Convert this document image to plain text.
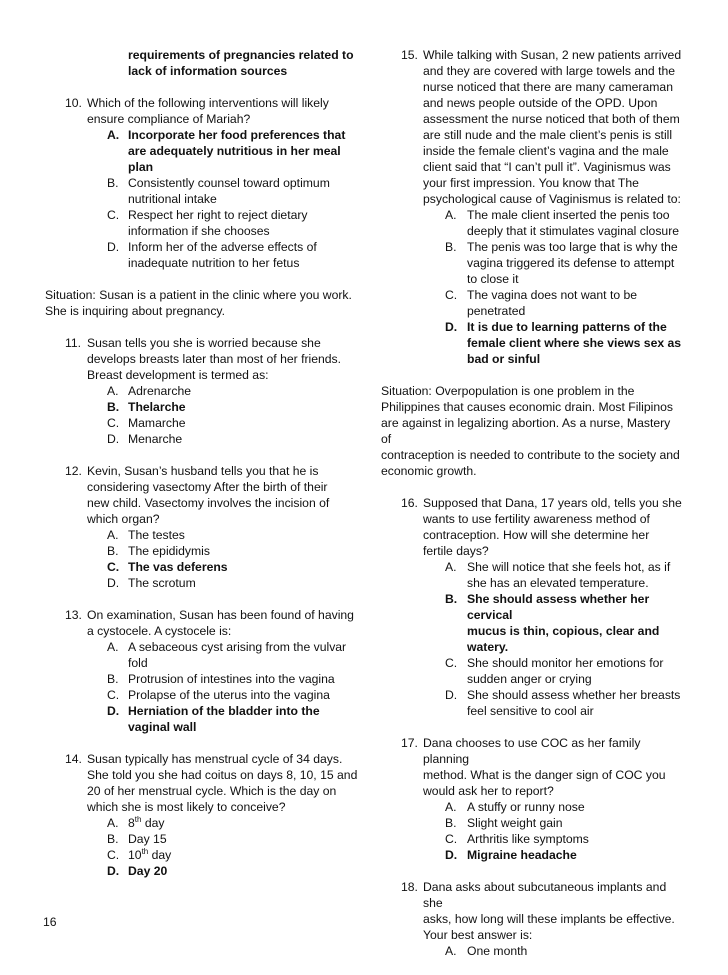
requirements of pregnancies related to
lack of information sources
10. Which of the following interventions will likely
ensure compliance of Mariah?
A. Incorporate her food preferences that
are adequately nutritious in her meal
plan
B. Consistently counsel toward optimum
nutritional intake
C. Respect her right to reject dietary
information if she chooses
D. Inform her of the adverse effects of
inadequate nutrition to her fetus
Situation: Susan is a patient in the clinic where you work.
She is inquiring about pregnancy.
11. Susan tells you she is worried because she
develops breasts later than most of her friends.
Breast development is termed as:
A. Adrenarche
B. Thelarche
C. Mamarche
D. Menarche
12. Kevin, Susan’s husband tells you that he is
considering vasectomy After the birth of their
new child. Vasectomy involves the incision of
which organ?
A. The testes
B. The epididymis
C. The vas deferens
D. The scrotum
13. On examination, Susan has been found of having
a cystocele. A cystocele is:
A. A sebaceous cyst arising from the vulvar
fold
B. Protrusion of intestines into the vagina
C. Prolapse of the uterus into the vagina
D. Herniation of the bladder into the
vaginal wall
14. Susan typically has menstrual cycle of 34 days.
She told you she had coitus on days 8, 10, 15 and
20 of her menstrual cycle. Which is the day on
which she is most likely to conceive?
A. 8th day
B. Day 15
C. 10th day
D. Day 20
15. While talking with Susan, 2 new patients arrived
and they are covered with large towels and the
nurse noticed that there are many cameraman
and news people outside of the OPD. Upon
assessment the nurse noticed that both of them
are still nude and the male client’s penis is still
inside the female client’s vagina and the male
client said that “I can’t pull it”. Vaginismus was
your first impression. You know that The
psychological cause of Vaginismus is related to:
A. The male client inserted the penis too
deeply that it stimulates vaginal closure
B. The penis was too large that is why the
vagina triggered its defense to attempt
to close it
C. The vagina does not want to be
penetrated
D. It is due to learning patterns of the
female client where she views sex as
bad or sinful
Situation: Overpopulation is one problem in the
Philippines that causes economic drain. Most Filipinos
are against in legalizing abortion. As a nurse, Mastery of
contraception is needed to contribute to the society and
economic growth.
16. Supposed that Dana, 17 years old, tells you she
wants to use fertility awareness method of
contraception. How will she determine her
fertile days?
A. She will notice that she feels hot, as if
she has an elevated temperature.
B. She should assess whether her cervical
mucus is thin, copious, clear and
watery.
C. She should monitor her emotions for
sudden anger or crying
D. She should assess whether her breasts
feel sensitive to cool air
17. Dana chooses to use COC as her family planning
method. What is the danger sign of COC you
would ask her to report?
A. A stuffy or runny nose
B. Slight weight gain
C. Arthritis like symptoms
D. Migraine headache
18. Dana asks about subcutaneous implants and she
asks, how long will these implants be effective.
Your best answer is:
A. One month
16
